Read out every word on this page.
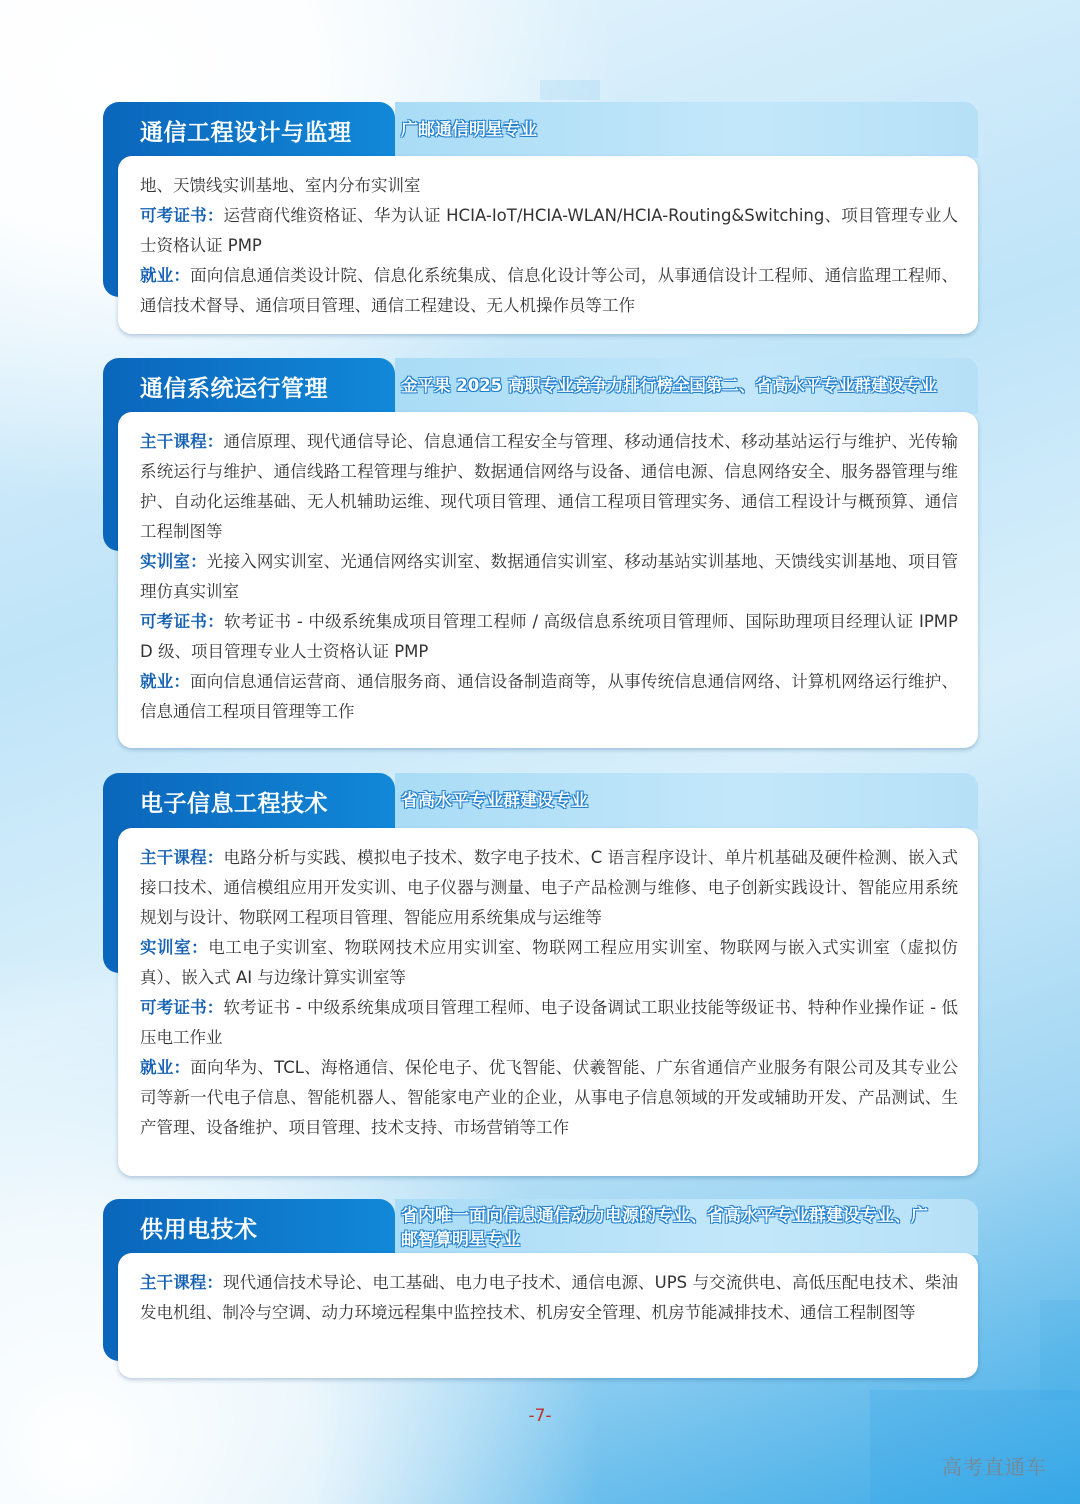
通信工程设计与监理	广邮通信明星专业
地、天馈线实训基地、室内分布实训室
可考证书：运营商代维资格证、华为认证 HCIA-IoT/HCIA-WLAN/HCIA-Routing&Switching、项目管理专业人士资格认证 PMP
就业：面向信息通信类设计院、信息化系统集成、信息化设计等公司，从事通信设计工程师、通信监理工程师、通信技术督导、通信项目管理、通信工程建设、无人机操作员等工作
通信系统运行管理	金平果 2025 高职专业竞争力排行榜全国第二、省高水平专业群建设专业
主干课程：通信原理、现代通信导论、信息通信工程安全与管理、移动通信技术、移动基站运行与维护、光传输系统运行与维护、通信线路工程管理与维护、数据通信网络与设备、通信电源、信息网络安全、服务器管理与维护、自动化运维基础、无人机辅助运维、现代项目管理、通信工程项目管理实务、通信工程设计与概预算、通信工程制图等
实训室：光接入网实训室、光通信网络实训室、数据通信实训室、移动基站实训基地、天馈线实训基地、项目管理仿真实训室
可考证书：软考证书 - 中级系统集成项目管理工程师 / 高级信息系统项目管理师、国际助理项目经理认证 IPMP D 级、项目管理专业人士资格认证 PMP
就业：面向信息通信运营商、通信服务商、通信设备制造商等，从事传统信息通信网络、计算机网络运行维护、信息通信工程项目管理等工作
电子信息工程技术	省高水平专业群建设专业
主干课程：电路分析与实践、模拟电子技术、数字电子技术、C 语言程序设计、单片机基础及硬件检测、嵌入式接口技术、通信模组应用开发实训、电子仪器与测量、电子产品检测与维修、电子创新实践设计、智能应用系统规划与设计、物联网工程项目管理、智能应用系统集成与运维等
实训室：电工电子实训室、物联网技术应用实训室、物联网工程应用实训室、物联网与嵌入式实训室（虚拟仿真）、嵌入式 AI 与边缘计算实训室等
可考证书：软考证书 - 中级系统集成项目管理工程师、电子设备调试工职业技能等级证书、特种作业操作证 - 低压电工作业
就业：面向华为、TCL、海格通信、保伦电子、优飞智能、伏羲智能、广东省通信产业服务有限公司及其专业公司等新一代电子信息、智能机器人、智能家电产业的企业，从事电子信息领域的开发或辅助开发、产品测试、生产管理、设备维护、项目管理、技术支持、市场营销等工作
供用电技术
省内唯一面向信息通信动力电源的专业、省高水平专业群建设专业、广邮智算明星专业
主干课程：现代通信技术导论、电工基础、电力电子技术、通信电源、UPS 与交流供电、高低压配电技术、柴油发电机组、制冷与空调、动力环境远程集中监控技术、机房安全管理、机房节能减排技术、通信工程制图等
-7-
高考直通车
